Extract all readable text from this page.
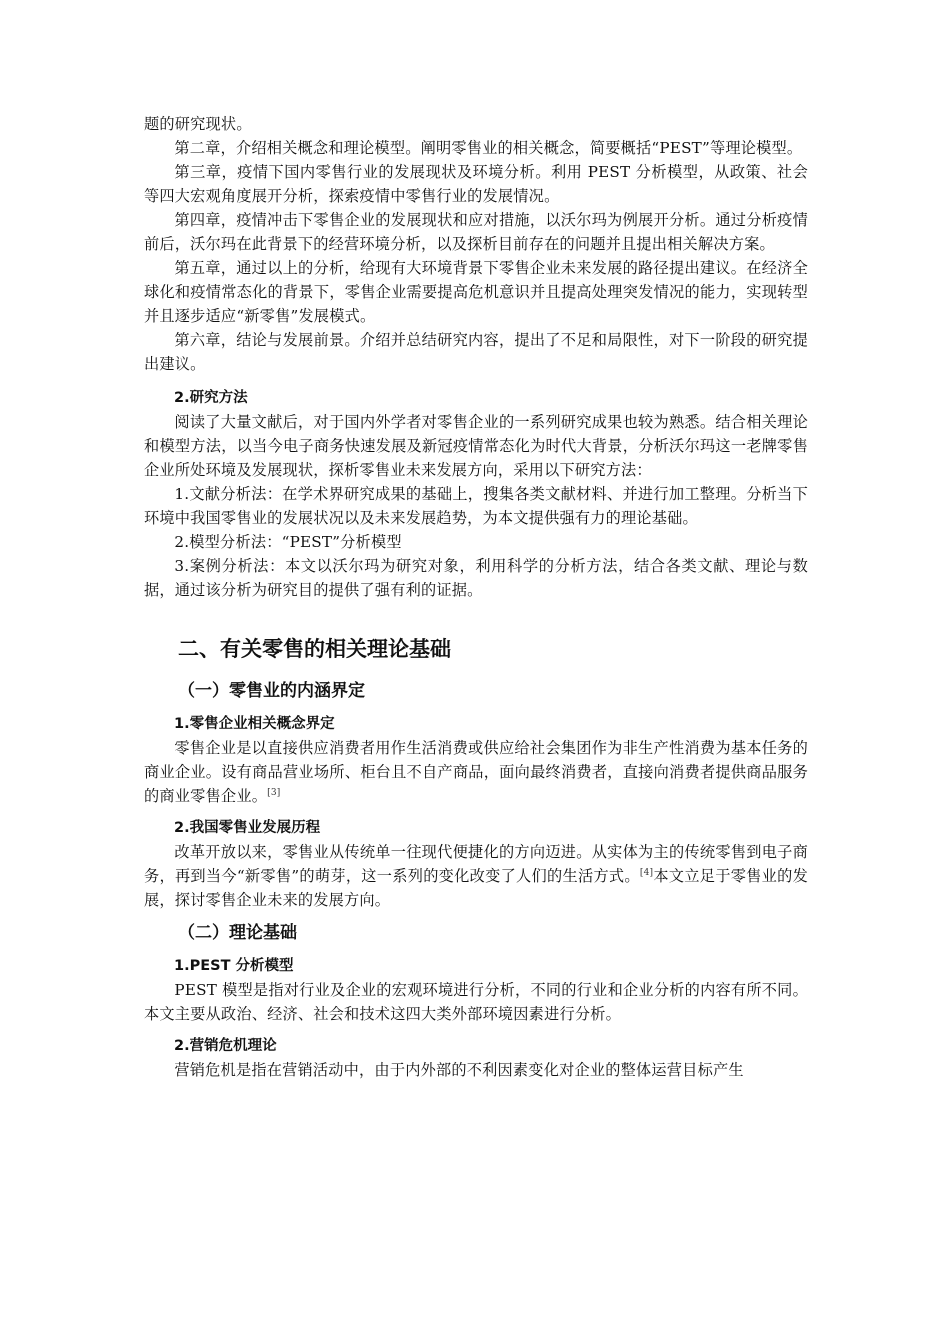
题的研究现状。

第二章，介绍相关概念和理论模型。阐明零售业的相关概念，简要概括“PEST”等理论模型。

第三章，疫情下国内零售行业的发展现状及环境分析。利用 PEST 分析模型，从政策、社会等四大宏观角度展开分析，探索疫情中零售行业的发展情况。

第四章，疫情冲击下零售企业的发展现状和应对措施，以沃尔玛为例展开分析。通过分析疫情前后，沃尔玛在此背景下的经营环境分析，以及探析目前存在的问题并且提出相关解决方案。

第五章，通过以上的分析，给现有大环境背景下零售企业未来发展的路径提出建议。在经济全球化和疫情常态化的背景下，零售企业需要提高危机意识并且提高处理突发情况的能力，实现转型并且逐步适应“新零售”发展模式。

第六章，结论与发展前景。介绍并总结研究内容，提出了不足和局限性，对下一阶段的研究提出建议。

2.研究方法

阅读了大量文献后，对于国内外学者对零售企业的一系列研究成果也较为熟悉。结合相关理论和模型方法，以当今电子商务快速发展及新冠疫情常态化为时代大背景，分析沃尔玛这一老牌零售企业所处环境及发展现状，探析零售业未来发展方向，采用以下研究方法：

1.文献分析法：在学术界研究成果的基础上，搜集各类文献材料、并进行加工整理。分析当下环境中我国零售业的发展状况以及未来发展趋势，为本文提供强有力的理论基础。

2.模型分析法：“PEST”分析模型

3.案例分析法：本文以沃尔玛为研究对象，利用科学的分析方法，结合各类文献、理论与数据，通过该分析为研究目的提供了强有利的证据。

二、有关零售的相关理论基础
（一）零售业的内涵界定
1.零售企业相关概念界定

零售企业是以直接供应消费者用作生活消费或供应给社会集团作为非生产性消费为基本任务的商业企业。设有商品营业场所、柜台且不自产商品，面向最终消费者，直接向消费者提供商品服务的商业零售企业。[3]

2.我国零售业发展历程

改革开放以来，零售业从传统单一往现代便捷化的方向迈进。从实体为主的传统零售到电子商务，再到当今“新零售”的萌芽，这一系列的变化改变了人们的生活方式。[4]本文立足于零售业的发展，探讨零售企业未来的发展方向。

（二）理论基础
1.PEST 分析模型

PEST 模型是指对行业及企业的宏观环境进行分析，不同的行业和企业分析的内容有所不同。本文主要从政治、经济、社会和技术这四大类外部环境因素进行分析。

2.营销危机理论

营销危机是指在营销活动中，由于内外部的不利因素变化对企业的整体运营目标产生
